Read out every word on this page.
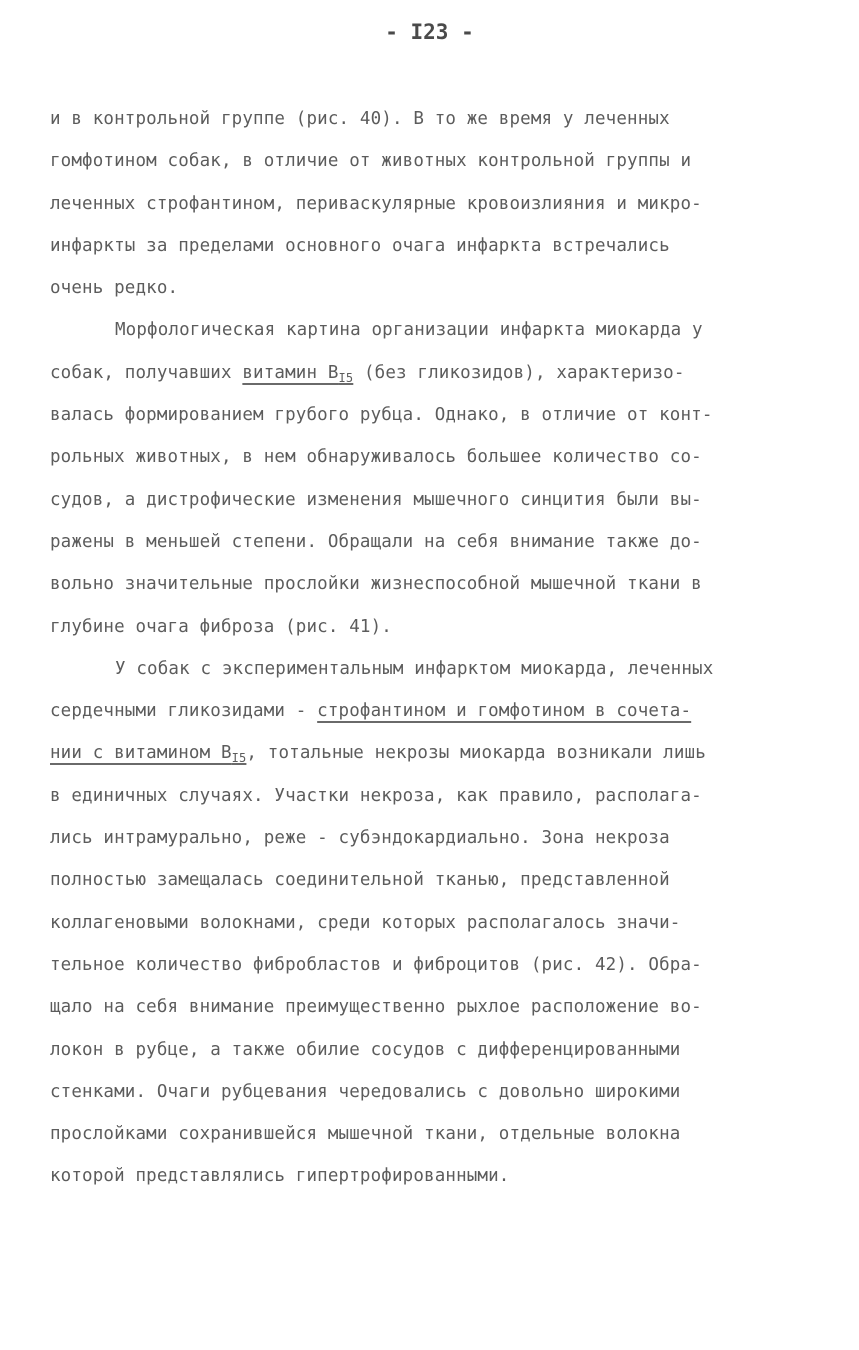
- I23 -
и в контрольной группе (рис. 40). В то же время у леченных
гомфотином собак, в отличие от животных контрольной группы и
леченных строфантином, периваскулярные кровоизлияния и микро-
инфаркты за пределами основного очага инфаркта встречались
очень редко.
Морфологическая картина организации инфаркта миокарда у
собак, получавших витамин $В_{I5}$ (без гликозидов), характеризо-
валась формированием грубого рубца. Однако, в отличие от конт-
рольных животных, в нем обнаруживалось большее количество со-
судов, а дистрофические изменения мышечного синцития были вы-
ражены в меньшей степени. Обращали на себя внимание также до-
вольно значительные прослойки жизнеспособной мышечной ткани в
глубине очага фиброза (рис. 41).
У собак с экспериментальным инфарктом миокарда, леченных
сердечными гликозидами - строфантином и гомфотином в сочета-
нии с витамином $В_{I5}$, тотальные некрозы миокарда возникали лишь
в единичных случаях. Участки некроза, как правило, располага-
лись интрамурально, реже - субэндокардиально. Зона некроза
полностью замещалась соединительной тканью, представленной
коллагеновыми волокнами, среди которых располагалось значи-
тельное количество фибробластов и фиброцитов (рис. 42). Обра-
щало на себя внимание преимущественно рыхлое расположение во-
локон в рубце, а также обилие сосудов с дифференцированными
стенками. Очаги рубцевания чередовались с довольно широкими
прослойками сохранившейся мышечной ткани, отдельные волокна
которой представлялись гипертрофированными.
